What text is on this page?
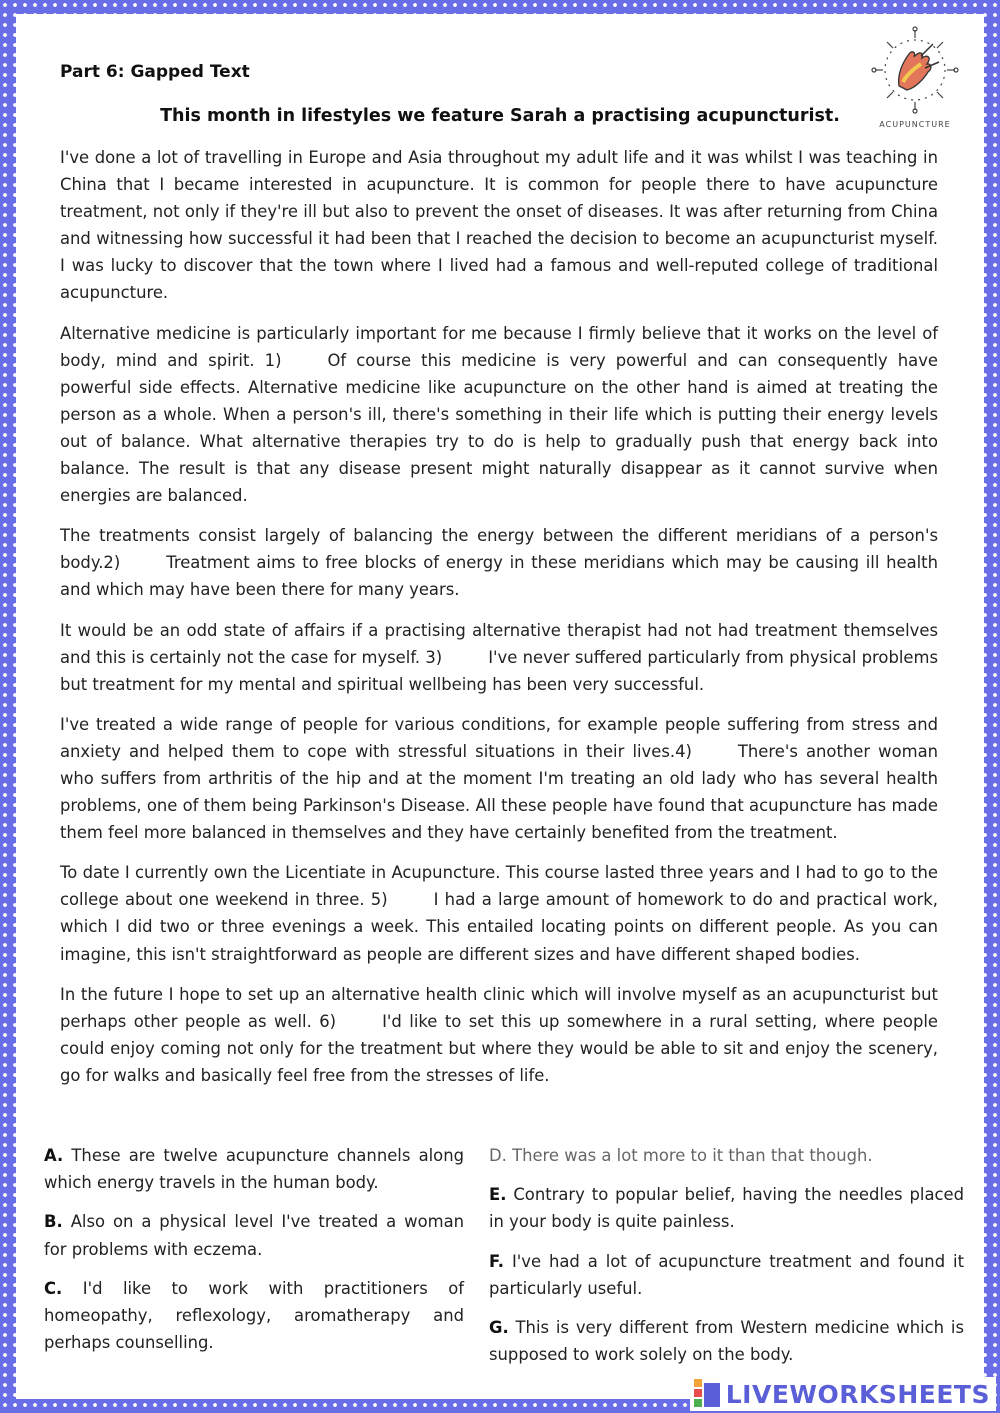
Part 6: Gapped Text
This month in lifestyles we feature Sarah a practising acupuncturist.	ACUPUNCTURE

I've done a lot of travelling in Europe and Asia throughout my adult life and it was whilst I was teaching in China that I became interested in acupuncture. It is common for people there to have acupuncture treatment, not only if they're ill but also to prevent the onset of diseases. It was after returning from China and witnessing how successful it had been that I reached the decision to become an acupuncturist myself. I was lucky to discover that the town where I lived had a famous and well-reputed college of traditional acupuncture.

Alternative medicine is particularly important for me because I firmly believe that it works on the level of body, mind and spirit. 1)	Of course this medicine is very powerful and can consequently have powerful side effects. Alternative medicine like acupuncture on the other hand is aimed at treating the person as a whole. When a person's ill, there's something in their life which is putting their energy levels out of balance. What alternative therapies try to do is help to gradually push that energy back into balance. The result is that any disease present might naturally disappear as it cannot survive when energies are balanced.

The treatments consist largely of balancing the energy between the different meridians of a person's body.2)	Treatment aims to free blocks of energy in these meridians which may be causing ill health and which may have been there for many years.

It would be an odd state of affairs if a practising alternative therapist had not had treatment themselves and this is certainly not the case for myself. 3)	I've never suffered particularly from physical problems but treatment for my mental and spiritual wellbeing has been very successful.

I've treated a wide range of people for various conditions, for example people suffering from stress and anxiety and helped them to cope with stressful situations in their lives.4)	There's another woman who suffers from arthritis of the hip and at the moment I'm treating an old lady who has several health problems, one of them being Parkinson's Disease. All these people have found that acupuncture has made them feel more balanced in themselves and they have certainly benefited from the treatment.

To date I currently own the Licentiate in Acupuncture. This course lasted three years and I had to go to the college about one weekend in three. 5)	I had a large amount of homework to do and practical work, which I did two or three evenings a week. This entailed locating points on different people. As you can imagine, this isn't straightforward as people are different sizes and have different shaped bodies.

In the future I hope to set up an alternative health clinic which will involve myself as an acupuncturist but perhaps other people as well. 6)	I'd like to set this up somewhere in a rural setting, where people could enjoy coming not only for the treatment but where they would be able to sit and enjoy the scenery, go for walks and basically feel free from the stresses of life.

A. These are twelve acupuncture channels along which energy travels in the human body.

B. Also on a physical level I've treated a woman for problems with eczema.

C. I'd like to work with practitioners of homeopathy, reflexology, aromatherapy and perhaps counselling.

D. There was a lot more to it than that though.

E. Contrary to popular belief, having the needles placed in your body is quite painless.

F. I've had a lot of acupuncture treatment and found it particularly useful.

G. This is very different from Western medicine which is supposed to work solely on the body.

LIVEWORKSHEETS
